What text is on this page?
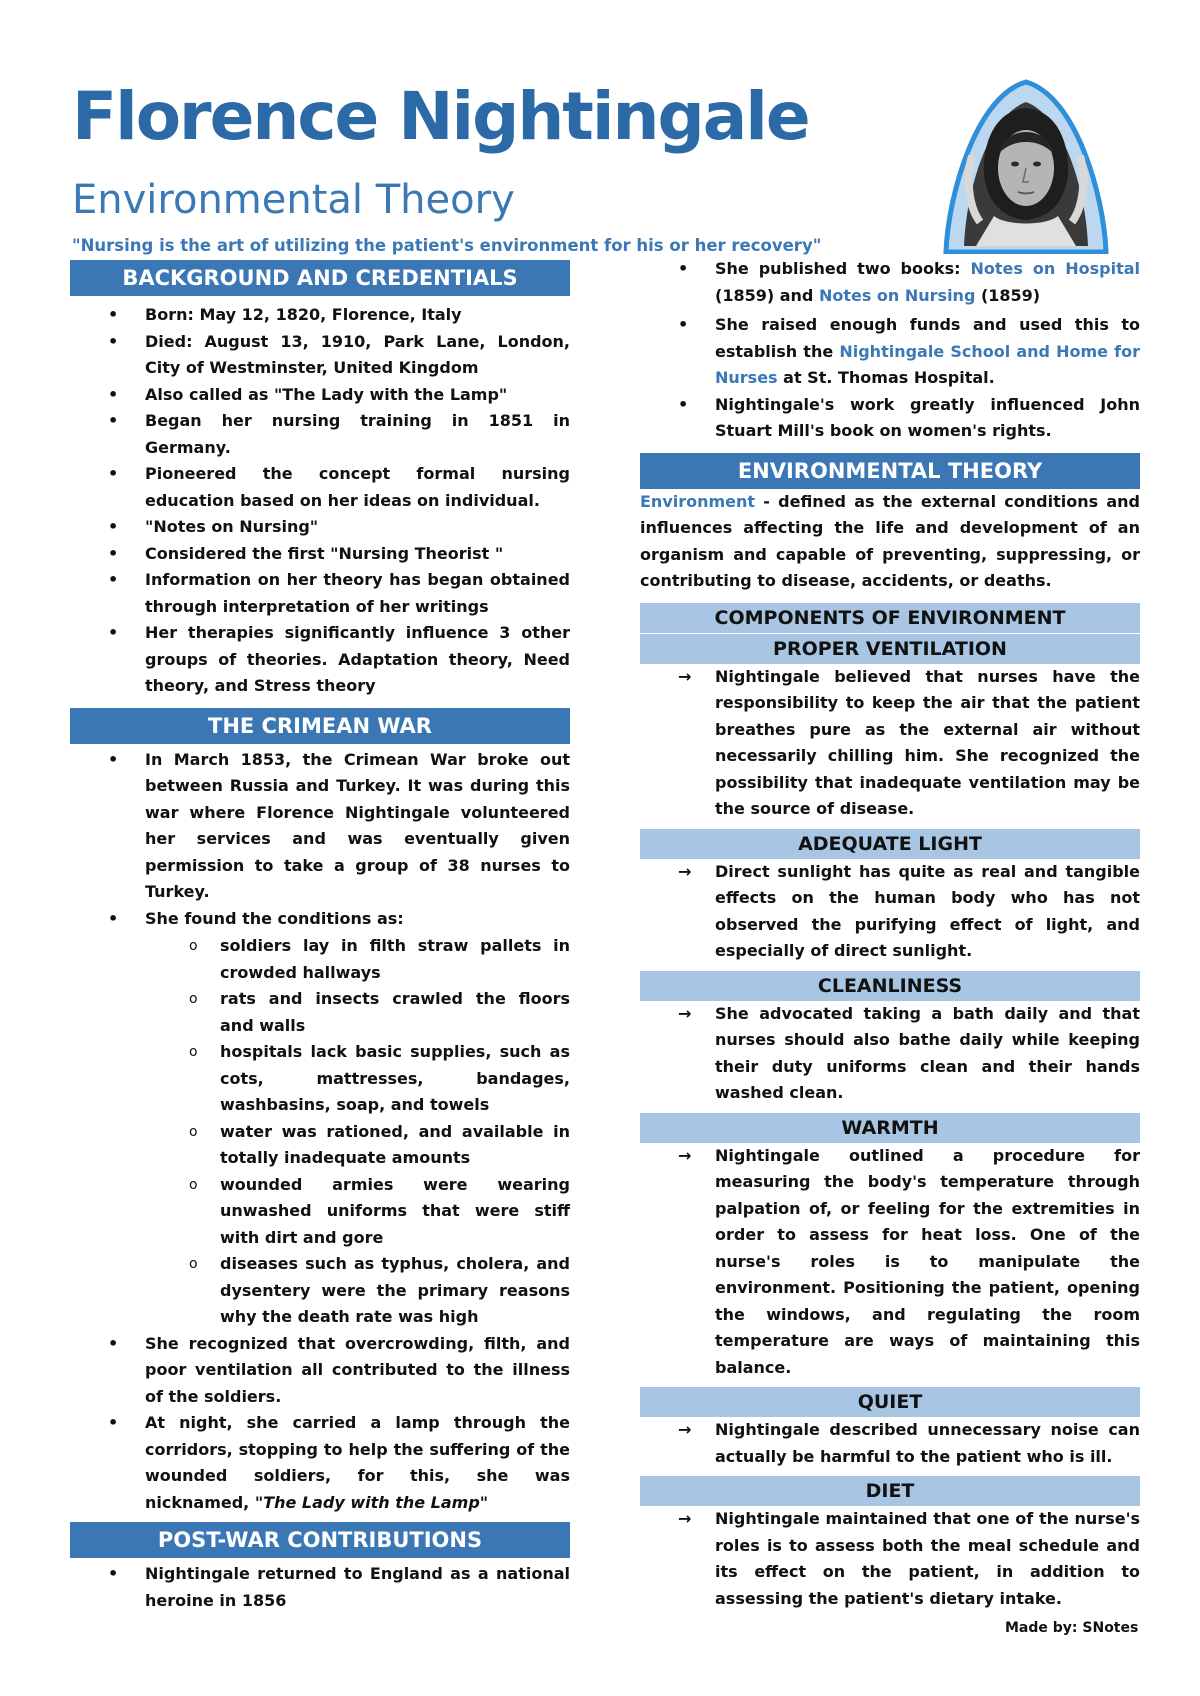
Florence Nightingale
Environmental Theory
"Nursing is the art of utilizing the patient's environment for his or her recovery"
BACKGROUND AND CREDENTIALS
• Born: May 12, 1820, Florence, Italy
• Died: August 13, 1910, Park Lane, London, City of Westminster, United Kingdom
• Also called as "The Lady with the Lamp"
• Began her nursing training in 1851 in Germany.
• Pioneered the concept formal nursing education based on her ideas on individual.
• "Notes on Nursing"
• Considered the first "Nursing Theorist "
• Information on her theory has began obtained through interpretation of her writings
• Her therapies significantly influence 3 other groups of theories. Adaptation theory, Need theory, and Stress theory
THE CRIMEAN WAR
• In March 1853, the Crimean War broke out between Russia and Turkey. It was during this war where Florence Nightingale volunteered her services and was eventually given permission to take a group of 38 nurses to Turkey.
• She found the conditions as:
o soldiers lay in filth straw pallets in crowded hallways
o rats and insects crawled the floors and walls
o hospitals lack basic supplies, such as cots, mattresses, bandages, washbasins, soap, and towels
o water was rationed, and available in totally inadequate amounts
o wounded armies were wearing unwashed uniforms that were stiff with dirt and gore
o diseases such as typhus, cholera, and dysentery were the primary reasons why the death rate was high
• She recognized that overcrowding, filth, and poor ventilation all contributed to the illness of the soldiers.
• At night, she carried a lamp through the corridors, stopping to help the suffering of the wounded soldiers, for this, she was nicknamed, "The Lady with the Lamp"
POST-WAR CONTRIBUTIONS
• Nightingale returned to England as a national heroine in 1856
• She published two books: Notes on Hospital (1859) and Notes on Nursing (1859)
• She raised enough funds and used this to establish the Nightingale School and Home for Nurses at St. Thomas Hospital.
• Nightingale's work greatly influenced John Stuart Mill's book on women's rights.
ENVIRONMENTAL THEORY

Environment - defined as the external conditions and influences affecting the life and development of an organism and capable of preventing, suppressing, or contributing to disease, accidents, or deaths.

COMPONENTS OF ENVIRONMENT
PROPER VENTILATION
→ Nightingale believed that nurses have the responsibility to keep the air that the patient breathes pure as the external air without necessarily chilling him. She recognized the possibility that inadequate ventilation may be the source of disease.
ADEQUATE LIGHT
→ Direct sunlight has quite as real and tangible effects on the human body who has not observed the purifying effect of light, and especially of direct sunlight.
CLEANLINESS
→ She advocated taking a bath daily and that nurses should also bathe daily while keeping their duty uniforms clean and their hands washed clean.
WARMTH
→ Nightingale outlined a procedure for measuring the body's temperature through palpation of, or feeling for the extremities in order to assess for heat loss. One of the nurse's roles is to manipulate the environment. Positioning the patient, opening the windows, and regulating the room temperature are ways of maintaining this balance.
QUIET
→ Nightingale described unnecessary noise can actually be harmful to the patient who is ill.
DIET
→ Nightingale maintained that one of the nurse's roles is to assess both the meal schedule and its effect on the patient, in addition to assessing the patient's dietary intake.
Made by: SNotes
